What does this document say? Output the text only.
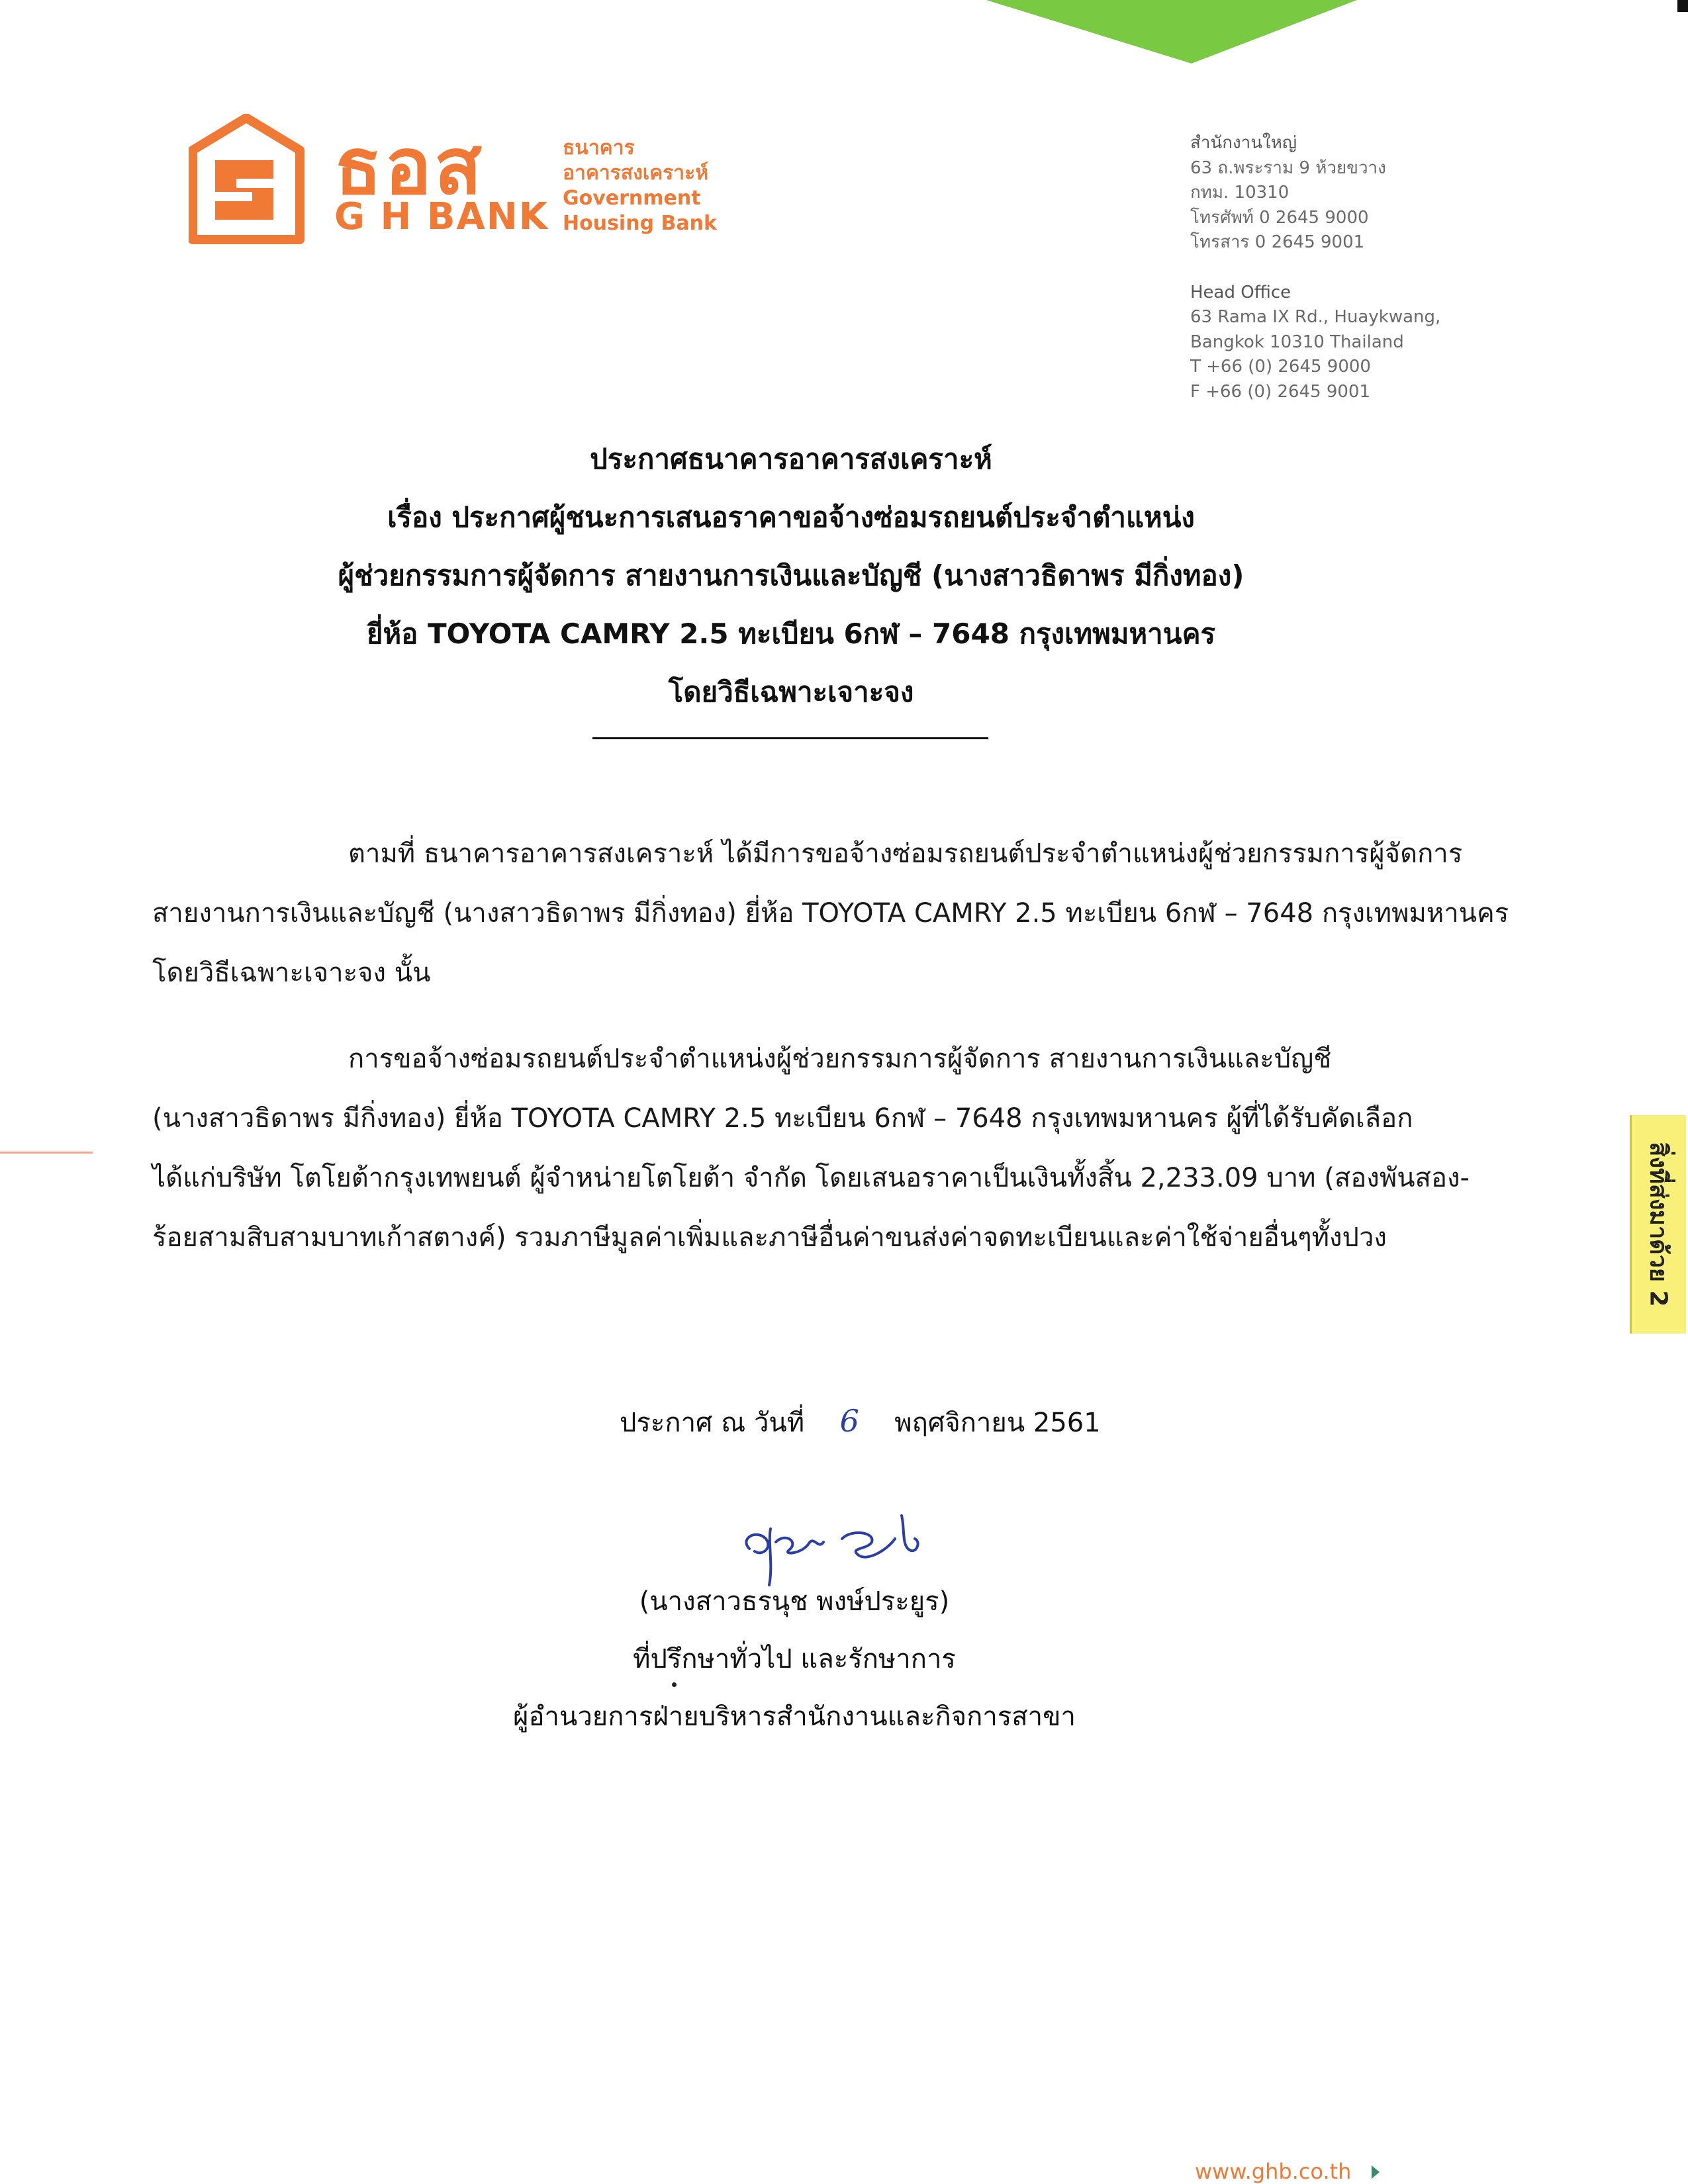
ธอส
G H BANK
ธนาคาร
อาคารสงเคราะห์
Government
Housing Bank
สำนักงานใหญ่
63 ถ.พระราม 9 ห้วยขวาง
กทม. 10310
โทรศัพท์ 0 2645 9000
โทรสาร 0 2645 9001
Head Office
63 Rama IX Rd., Huaykwang,
Bangkok 10310 Thailand
T +66 (0) 2645 9000
F +66 (0) 2645 9001
ประกาศธนาคารอาคารสงเคราะห์
เรื่อง ประกาศผู้ชนะการเสนอราคาขอจ้างซ่อมรถยนต์ประจำตำแหน่ง
ผู้ช่วยกรรมการผู้จัดการ สายงานการเงินและบัญชี (นางสาวธิดาพร มีกิ่งทอง)
ยี่ห้อ TOYOTA CAMRY 2.5 ทะเบียน 6กฬ – 7648 กรุงเทพมหานคร
โดยวิธีเฉพาะเจาะจง
ตามที่ ธนาคารอาคารสงเคราะห์ ได้มีการขอจ้างซ่อมรถยนต์ประจำตำแหน่งผู้ช่วยกรรมการผู้จัดการ
สายงานการเงินและบัญชี (นางสาวธิดาพร มีกิ่งทอง) ยี่ห้อ TOYOTA CAMRY 2.5 ทะเบียน 6กฬ – 7648 กรุงเทพมหานคร
โดยวิธีเฉพาะเจาะจง นั้น
การขอจ้างซ่อมรถยนต์ประจำตำแหน่งผู้ช่วยกรรมการผู้จัดการ สายงานการเงินและบัญชี
(นางสาวธิดาพร มีกิ่งทอง) ยี่ห้อ TOYOTA CAMRY 2.5 ทะเบียน 6กฬ – 7648 กรุงเทพมหานคร ผู้ที่ได้รับคัดเลือก
ได้แก่บริษัท โตโยต้ากรุงเทพยนต์ ผู้จำหน่ายโตโยต้า จำกัด โดยเสนอราคาเป็นเงินทั้งสิ้น 2,233.09 บาท (สองพันสอง-
ร้อยสามสิบสามบาทเก้าสตางค์) รวมภาษีมูลค่าเพิ่มและภาษีอื่นค่าขนส่งค่าจดทะเบียนและค่าใช้จ่ายอื่นๆทั้งปวง	สิ่งที่ส่งมาด้วย 2
ประกาศ ณ วันที่ 6 พฤศจิกายน 2561
(นางสาวธรนุช พงษ์ประยูร)
ที่ปรึกษาทั่วไป และรักษาการ
ผู้อำนวยการฝ่ายบริหารสำนักงานและกิจการสาขา
www.ghb.co.th
